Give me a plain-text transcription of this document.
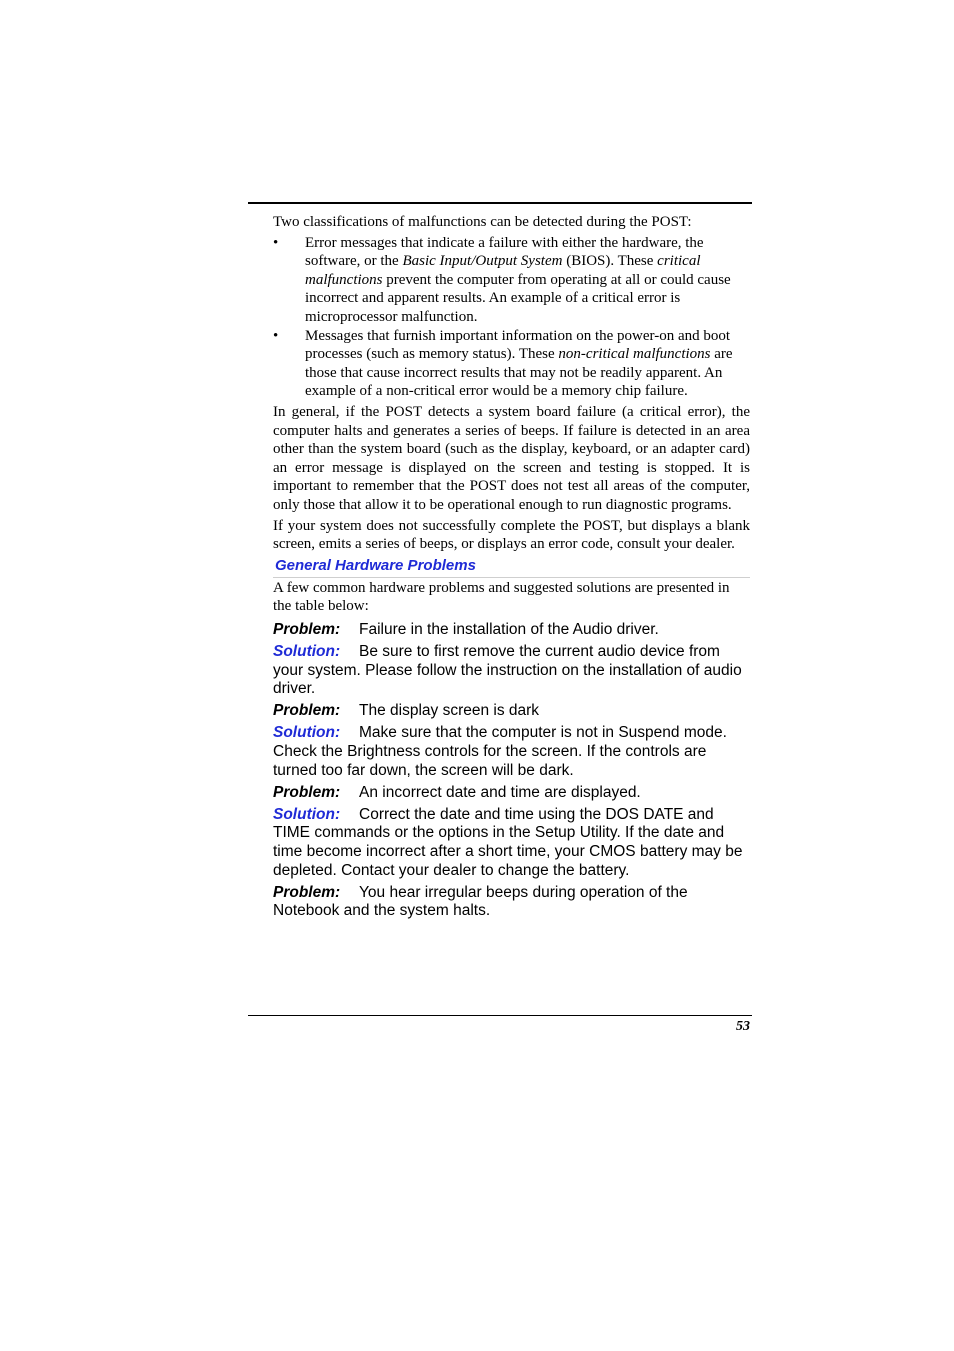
Two classifications of malfunctions can be detected during the POST:

• Error messages that indicate a failure with either the hardware, the software, or the Basic Input/Output System (BIOS). These critical malfunctions prevent the computer from operating at all or could cause incorrect and apparent results. An example of a critical error is microprocessor malfunction.
• Messages that furnish important information on the power-on and boot processes (such as memory status). These non-critical malfunctions are those that cause incorrect results that may not be readily apparent. An example of a non-critical error would be a memory chip failure.

In general, if the POST detects a system board failure (a critical error), the computer halts and generates a series of beeps. If failure is detected in an area other than the system board (such as the display, keyboard, or an adapter card) an error message is displayed on the screen and testing is stopped. It is important to remember that the POST does not test all areas of the computer, only those that allow it to be operational enough to run diagnostic programs.

If your system does not successfully complete the POST, but displays a blank screen, emits a series of beeps, or displays an error code, consult your dealer.

General Hardware Problems

A few common hardware problems and suggested solutions are presented in the table below:

Problem: Failure in the installation of the Audio driver.

Solution: Be sure to first remove the current audio device from your system. Please follow the instruction on the installation of audio driver.

Problem: The display screen is dark

Solution: Make sure that the computer is not in Suspend mode. Check the Brightness controls for the screen. If the controls are turned too far down, the screen will be dark.

Problem: An incorrect date and time are displayed.

Solution: Correct the date and time using the DOS DATE and TIME commands or the options in the Setup Utility. If the date and time become incorrect after a short time, your CMOS battery may be depleted. Contact your dealer to change the battery.

Problem: You hear irregular beeps during operation of the Notebook and the system halts.

53
